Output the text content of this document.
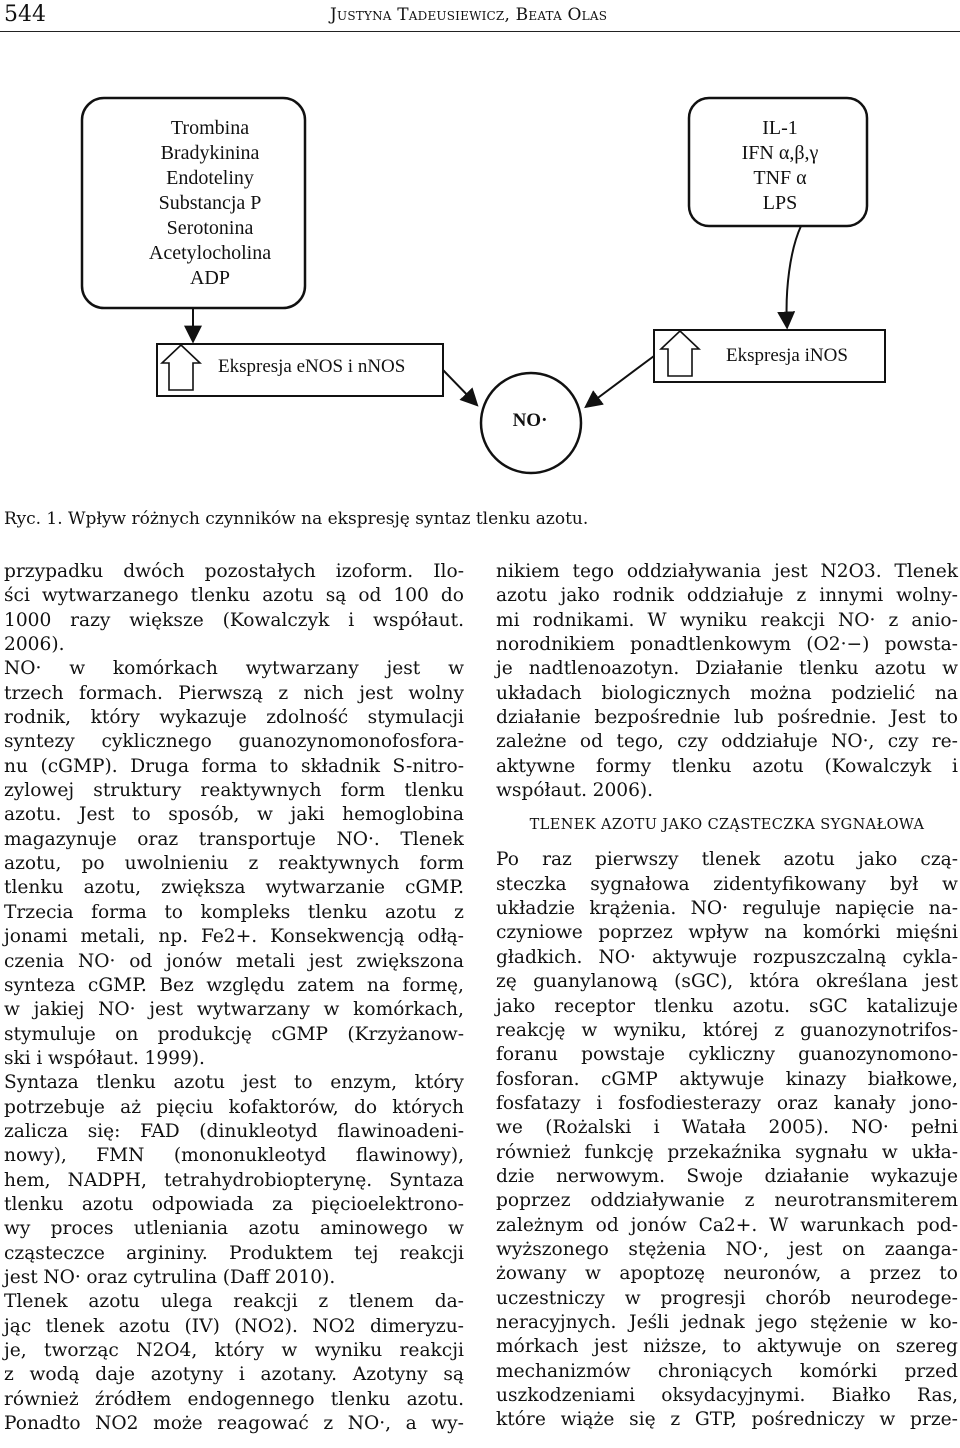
544	Justyna Tadeusiewicz, Beata Olas
Trombina
Bradykinina
Endoteliny
Substancja P
Serotonina
Acetylocholina
ADP
IL-1
IFN α,β,γ
TNF α
LPS
Ekspresja eNOS i nNOS
Ekspresja iNOS
NO·
Ryc. 1. Wpływ różnych czynników na ekspresję syntaz tlenku azotu.
przypadku dwóch pozostałych izoform. Ilo-
ści wytwarzanego tlenku azotu są od 100 do
1000 razy większe (Kowalczyk i współaut.
2006).
NO· w komórkach wytwarzany jest w
trzech formach. Pierwszą z nich jest wolny
rodnik, który wykazuje zdolność stymulacji
syntezy cyklicznego guanozynomonofosfora-
nu (cGMP). Druga forma to składnik S-nitro-
zylowej struktury reaktywnych form tlenku
azotu. Jest to sposób, w jaki hemoglobina
magazynuje oraz transportuje NO·. Tlenek
azotu, po uwolnieniu z reaktywnych form
tlenku azotu, zwiększa wytwarzanie cGMP.
Trzecia forma to kompleks tlenku azotu z
jonami metali, np. Fe2+. Konsekwencją odłą-
czenia NO· od jonów metali jest zwiększona
synteza cGMP. Bez względu zatem na formę,
w jakiej NO· jest wytwarzany w komórkach,
stymuluje on produkcję cGMP (Krzyżanow-
ski i współaut. 1999).
Syntaza tlenku azotu jest to enzym, który
potrzebuje aż pięciu kofaktorów, do których
zalicza się: FAD (dinukleotyd flawinoadeni-
nowy), FMN (mononukleotyd flawinowy),
hem, NADPH, tetrahydrobiopterynę. Syntaza
tlenku azotu odpowiada za pięcioelektrono-
wy proces utleniania azotu aminowego w
cząsteczce argininy. Produktem tej reakcji
jest NO· oraz cytrulina (Daff 2010).
Tlenek azotu ulega reakcji z tlenem da-
jąc tlenek azotu (IV) (NO2). NO2 dimeryzu-
je, tworząc N2O4, który w wyniku reakcji
z wodą daje azotyny i azotany. Azotyny są
również źródłem endogennego tlenku azotu.
Ponadto NO2 może reagować z NO·, a wy-
nikiem tego oddziaływania jest N2O3. Tlenek
azotu jako rodnik oddziałuje z innymi wolny-
mi rodnikami. W wyniku reakcji NO· z anio-
norodnikiem ponadtlenkowym (O2·−) powsta-
je nadtlenoazotyn. Działanie tlenku azotu w
układach biologicznych można podzielić na
działanie bezpośrednie lub pośrednie. Jest to
zależne od tego, czy oddziałuje NO·, czy re-
aktywne formy tlenku azotu (Kowalczyk i
współaut. 2006).
TLENEK AZOTU JAKO CZĄSTECZKA SYGNAŁOWA
Po raz pierwszy tlenek azotu jako czą-
steczka sygnałowa zidentyfikowany był w
układzie krążenia. NO· reguluje napięcie na-
czyniowe poprzez wpływ na komórki mięśni
gładkich. NO· aktywuje rozpuszczalną cykla-
zę guanylanową (sGC), która określana jest
jako receptor tlenku azotu. sGC katalizuje
reakcję w wyniku, której z guanozynotrifos-
foranu powstaje cykliczny guanozynomono-
fosforan. cGMP aktywuje kinazy białkowe,
fosfatazy i fosfodiesterazy oraz kanały jono-
we (Rożalski i Watała 2005). NO· pełni
również funkcję przekaźnika sygnału w ukła-
dzie nerwowym. Swoje działanie wykazuje
poprzez oddziaływanie z neurotransmiterem
zależnym od jonów Ca2+. W warunkach pod-
wyższonego stężenia NO·, jest on zaanga-
żowany w apoptozę neuronów, a przez to
uczestniczy w progresji chorób neurodege-
neracyjnych. Jeśli jednak jego stężenie w ko-
mórkach jest niższe, to aktywuje on szereg
mechanizmów chroniących komórki przed
uszkodzeniami oksydacyjnymi. Białko Ras,
które wiąże się z GTP, pośredniczy w prze-
